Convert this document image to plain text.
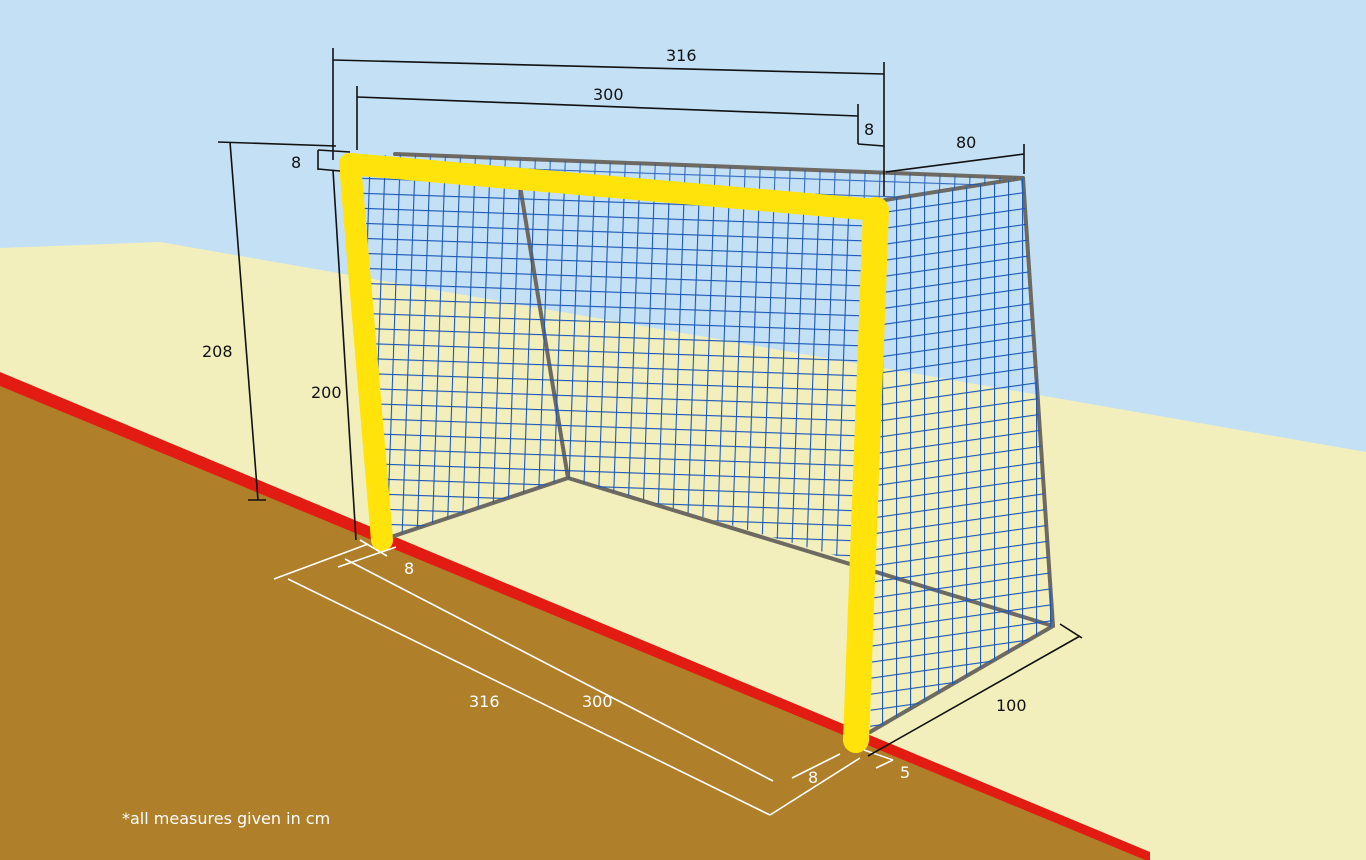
316
300
8
80
8
208
200
8
316	300
8	5
100
*all measures given in cm
